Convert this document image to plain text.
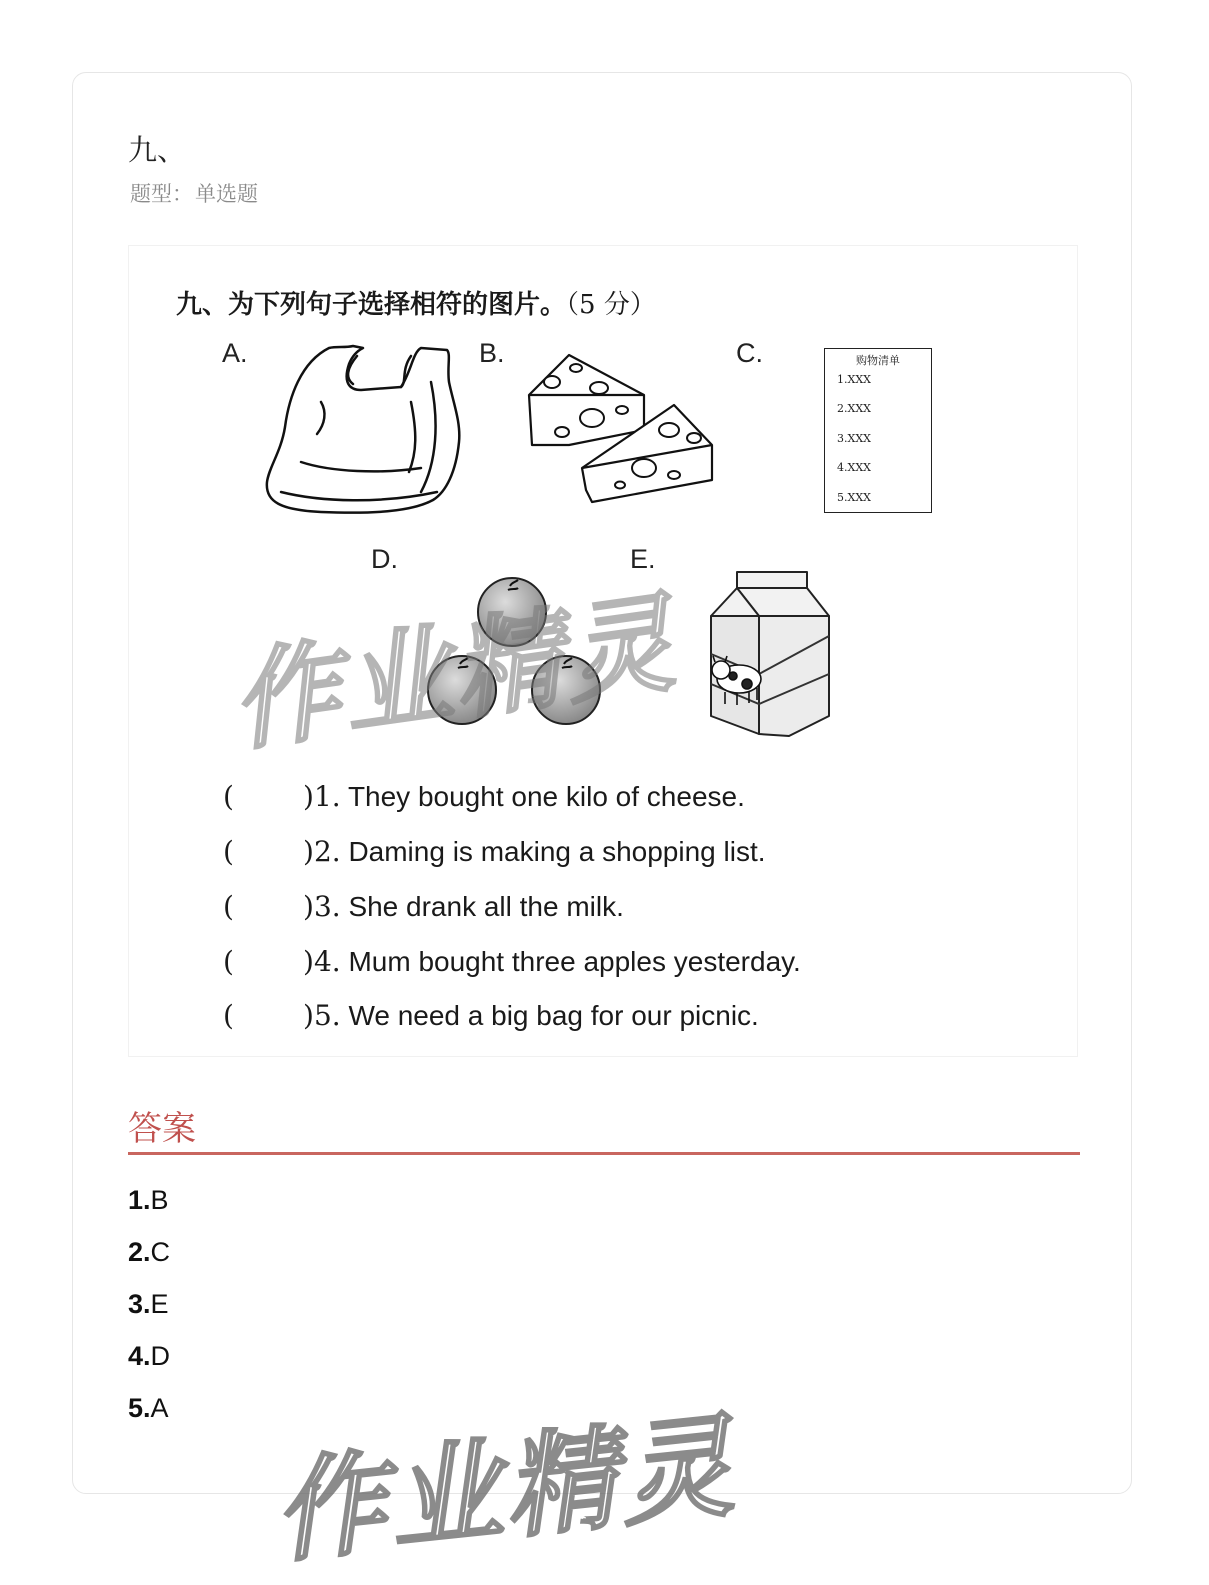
九、
题型：单选题
九、为下列句子选择相符的图片。（5 分）
A.	B.	C.
D.	E.
购物清单
1.XXX
2.XXX
3.XXX
4.XXX
5.XXX
( )1. They bought one kilo of cheese.
( )2. Daming is making a shopping list.
( )3. She drank all the milk.
( )4. Mum bought three apples yesterday.
( )5. We need a big bag for our picnic.
答案
1.B
2.C
3.E
4.D
5.A
